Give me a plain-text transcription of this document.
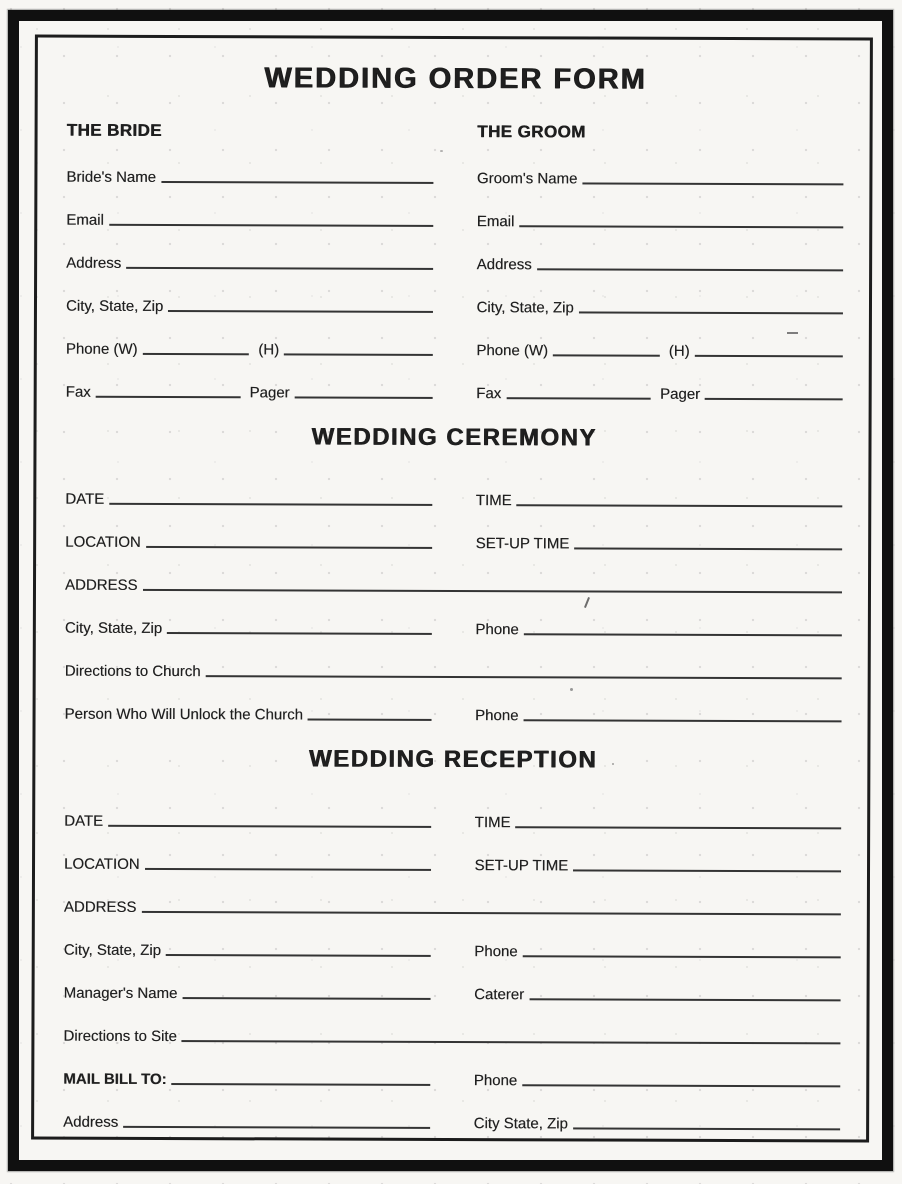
WEDDING ORDER FORM
THE BRIDE	THE GROOM
Bride's Name	Groom's Name
Email	Email
Address	Address
City, State, Zip	City, State, Zip
Phone (W)	(H)	Phone (W)	(H)
Fax	Pager	Fax	Pager
WEDDING CEREMONY
DATE	TIME
LOCATION	SET-UP TIME
ADDRESS
City, State, Zip	Phone
Directions to Church
Person Who Will Unlock the Church	Phone
WEDDING RECEPTION
DATE	TIME
LOCATION	SET-UP TIME
ADDRESS
City, State, Zip	Phone
Manager's Name	Caterer
Directions to Site
MAIL BILL TO:	Phone
Address	City State, Zip
